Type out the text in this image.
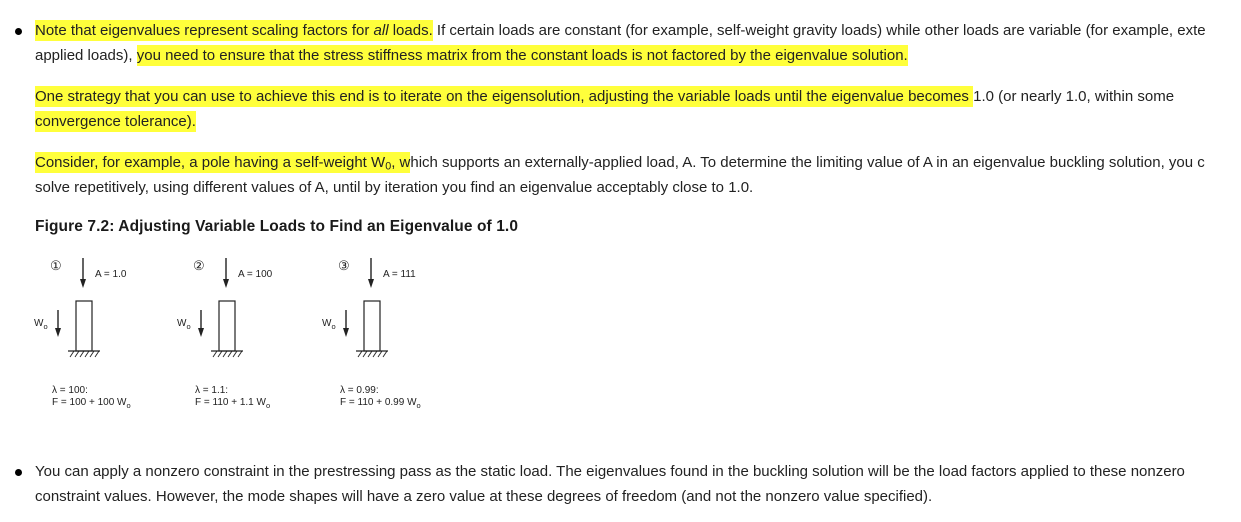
Note that eigenvalues represent scaling factors for all loads. If certain loads are constant (for example, self-weight gravity loads) while other loads are variable (for example, exte
applied loads), you need to ensure that the stress stiffness matrix from the constant loads is not factored by the eigenvalue solution.
One strategy that you can use to achieve this end is to iterate on the eigensolution, adjusting the variable loads until the eigenvalue becomes 1.0 (or nearly 1.0, within some
convergence tolerance).
Consider, for example, a pole having a self-weight $W_0$, which supports an externally-applied load, A. To determine the limiting value of A in an eigenvalue buckling solution, you c
solve repetitively, using different values of A, until by iteration you find an eigenvalue acceptably close to 1.0.
Figure 7.2: Adjusting Variable Loads to Find an Eigenvalue of 1.0
①
A = 1.0
$W_o$
λ = 100:
F = 100 + 100 $W_o$
②
A = 100
$W_o$
λ = 1.1:
F = 110 + 1.1 $W_o$
③
A = 111
$W_o$
λ = 0.99:
F = 110 + 0.99 $W_o$
You can apply a nonzero constraint in the prestressing pass as the static load. The eigenvalues found in the buckling solution will be the load factors applied to these nonzero
constraint values. However, the mode shapes will have a zero value at these degrees of freedom (and not the nonzero value specified).
